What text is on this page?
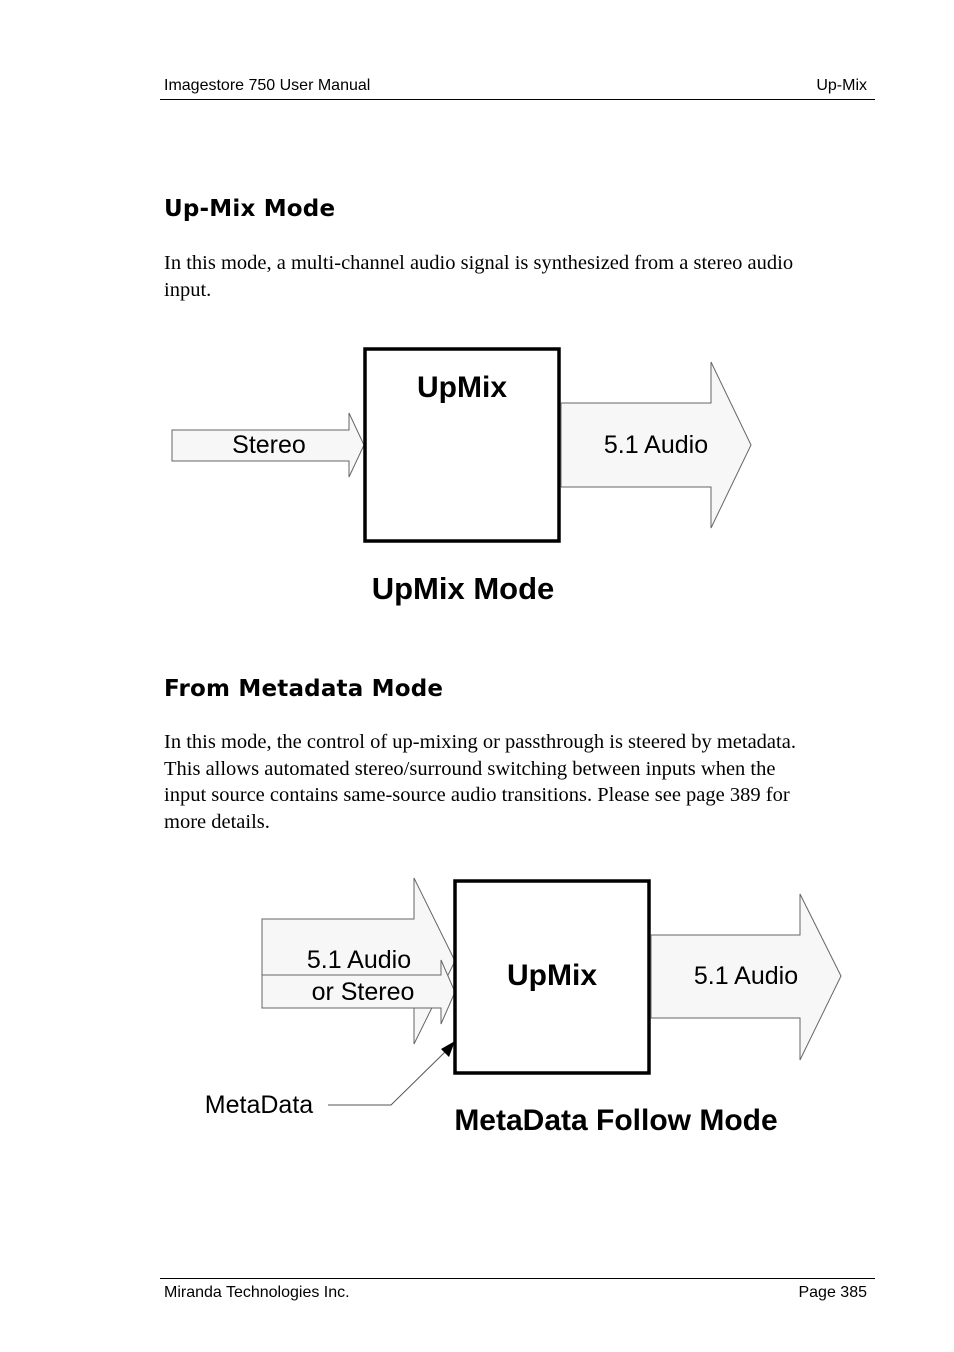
Imagestore 750 User Manual	Up-Mix
Up-Mix Mode
In this mode, a multi-channel audio signal is synthesized from a stereo audio
input.
From Metadata Mode
In this mode, the control of up-mixing or passthrough is steered by metadata.
This allows automated stereo/surround switching between inputs when the
input source contains same-source audio transitions. Please see page 389 for
more details.
Stereo
UpMix
5.1 Audio
UpMix Mode
5.1 Audio
or Stereo	UpMix	5.1 Audio
MetaData	MetaData Follow Mode
Miranda Technologies Inc.	Page 385
